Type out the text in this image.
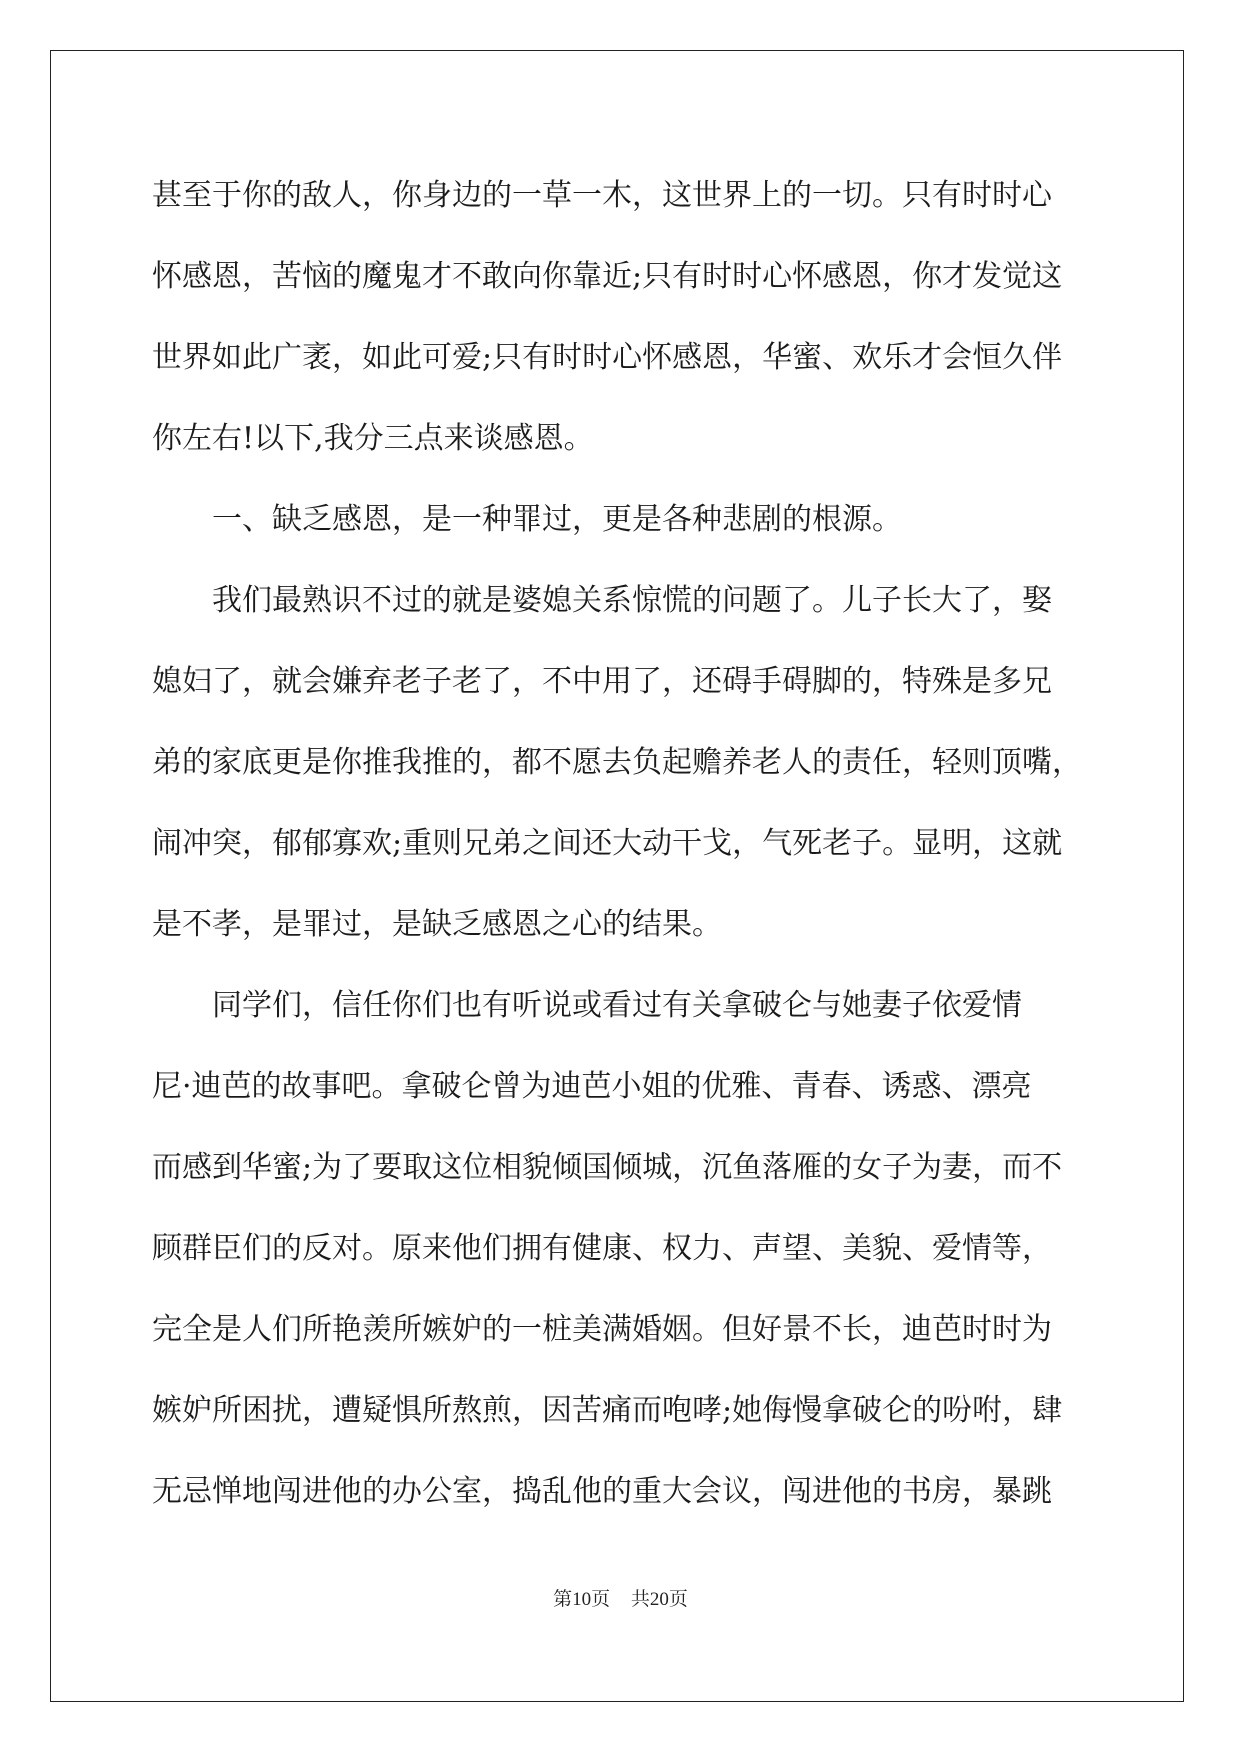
甚至于你的敌人，你身边的一草一木，这世界上的一切。只有时时心

怀感恩，苦恼的魔鬼才不敢向你靠近;只有时时心怀感恩，你才发觉这

世界如此广袤，如此可爱;只有时时心怀感恩，华蜜、欢乐才会恒久伴

你左右!以下,我分三点来谈感恩。

　　一、缺乏感恩，是一种罪过，更是各种悲剧的根源。

　　我们最熟识不过的就是婆媳关系惊慌的问题了。儿子长大了，娶

媳妇了，就会嫌弃老子老了，不中用了，还碍手碍脚的，特殊是多兄

弟的家底更是你推我推的，都不愿去负起赡养老人的责任，轻则顶嘴，

闹冲突，郁郁寡欢;重则兄弟之间还大动干戈，气死老子。显明，这就

是不孝，是罪过，是缺乏感恩之心的结果。

　　同学们，信任你们也有听说或看过有关拿破仑与她妻子依爱情

尼·迪芭的故事吧。拿破仑曾为迪芭小姐的优雅、青春、诱惑、漂亮

而感到华蜜;为了要取这位相貌倾国倾城，沉鱼落雁的女子为妻，而不

顾群臣们的反对。原来他们拥有健康、权力、声望、美貌、爱情等，

完全是人们所艳羡所嫉妒的一桩美满婚姻。但好景不长，迪芭时时为

嫉妒所困扰，遭疑惧所熬煎，因苦痛而咆哮;她侮慢拿破仑的吩咐，肆

无忌惮地闯进他的办公室，捣乱他的重大会议，闯进他的书房，暴跳

第10页 共20页
